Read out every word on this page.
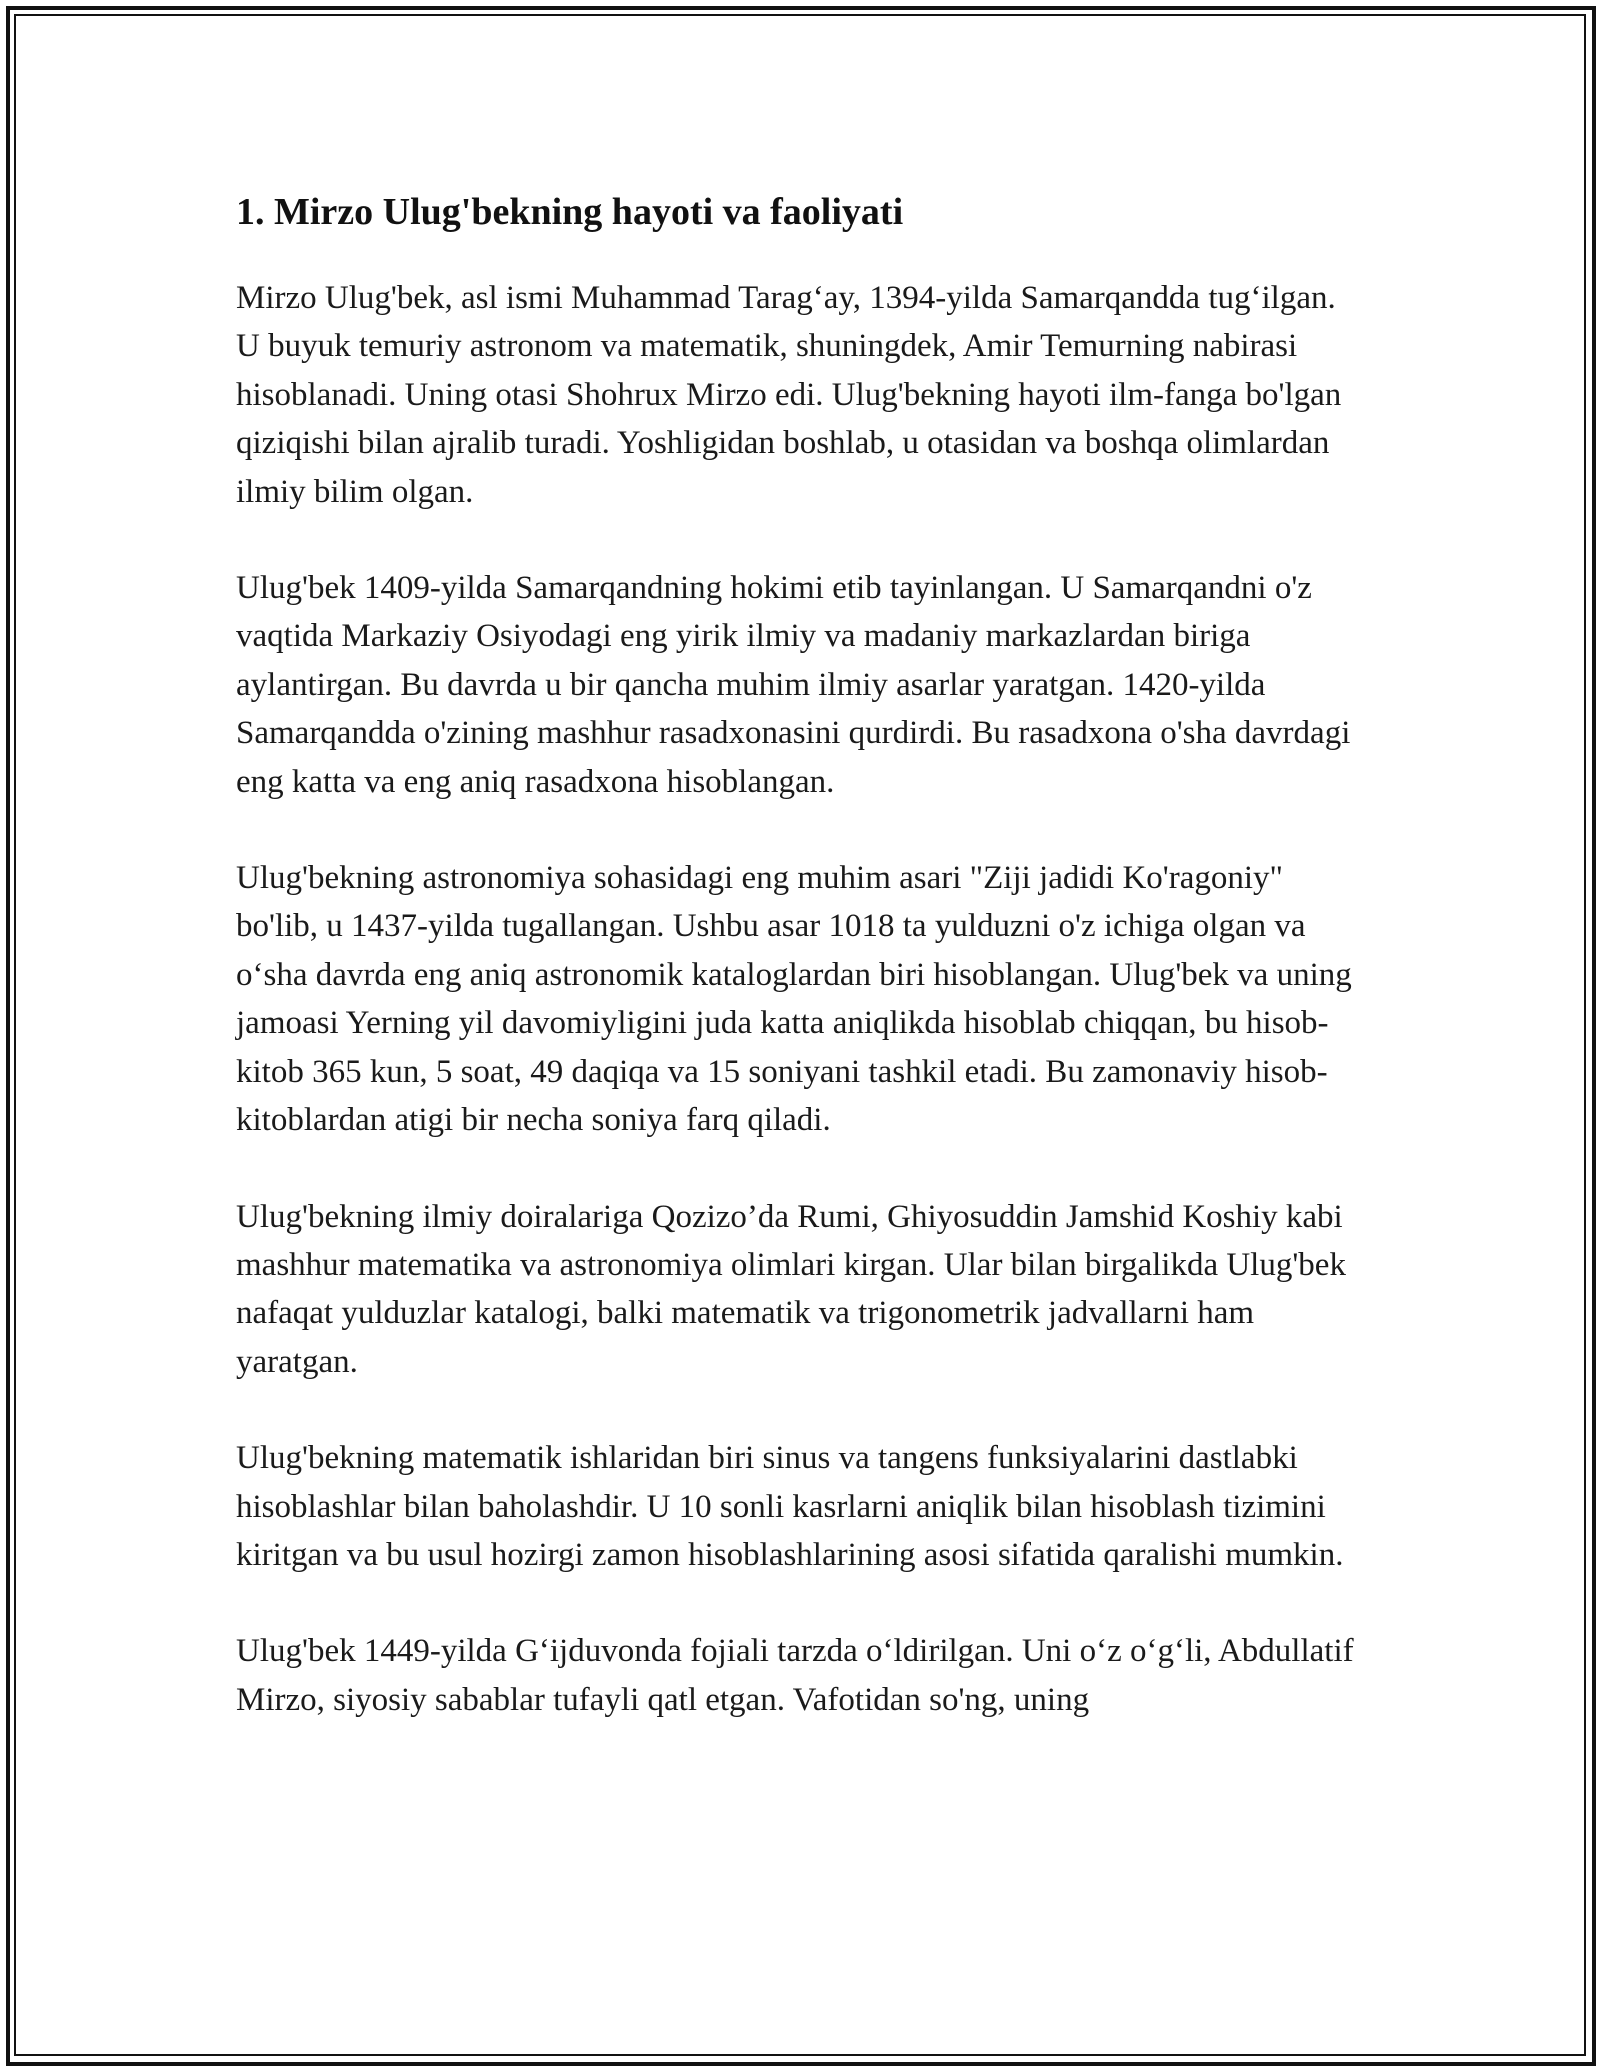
1. Mirzo Ulug'bekning hayoti va faoliyati

Mirzo Ulug'bek, asl ismi Muhammad Tarag‘ay, 1394-yilda Samarqandda tug‘ilgan. U buyuk temuriy astronom va matematik, shuningdek, Amir Temurning nabirasi hisoblanadi. Uning otasi Shohrux Mirzo edi. Ulug'bekning hayoti ilm-fanga bo'lgan qiziqishi bilan ajralib turadi. Yoshligidan boshlab, u otasidan va boshqa olimlardan ilmiy bilim olgan.

Ulug'bek 1409-yilda Samarqandning hokimi etib tayinlangan. U Samarqandni o'z vaqtida Markaziy Osiyodagi eng yirik ilmiy va madaniy markazlardan biriga aylantirgan. Bu davrda u bir qancha muhim ilmiy asarlar yaratgan. 1420-yilda Samarqandda o'zining mashhur rasadxonasini qurdirdi. Bu rasadxona o'sha davrdagi eng katta va eng aniq rasadxona hisoblangan.

Ulug'bekning astronomiya sohasidagi eng muhim asari "Ziji jadidi Ko'ragoniy" bo'lib, u 1437-yilda tugallangan. Ushbu asar 1018 ta yulduzni o'z ichiga olgan va o‘sha davrda eng aniq astronomik kataloglardan biri hisoblangan. Ulug'bek va uning jamoasi Yerning yil davomiyligini juda katta aniqlikda hisoblab chiqqan, bu hisob-kitob 365 kun, 5 soat, 49 daqiqa va 15 soniyani tashkil etadi. Bu zamonaviy hisob-kitoblardan atigi bir necha soniya farq qiladi.

Ulug'bekning ilmiy doiralariga Qozizo’da Rumi, Ghiyosuddin Jamshid Koshiy kabi mashhur matematika va astronomiya olimlari kirgan. Ular bilan birgalikda Ulug'bek nafaqat yulduzlar katalogi, balki matematik va trigonometrik jadvallarni ham yaratgan.

Ulug'bekning matematik ishlaridan biri sinus va tangens funksiyalarini dastlabki hisoblashlar bilan baholashdir. U 10 sonli kasrlarni aniqlik bilan hisoblash tizimini kiritgan va bu usul hozirgi zamon hisoblashlarining asosi sifatida qaralishi mumkin.

Ulug'bek 1449-yilda G‘ijduvonda fojiali tarzda o‘ldirilgan. Uni o‘z o‘g‘li, Abdullatif Mirzo, siyosiy sabablar tufayli qatl etgan. Vafotidan so'ng, uning
